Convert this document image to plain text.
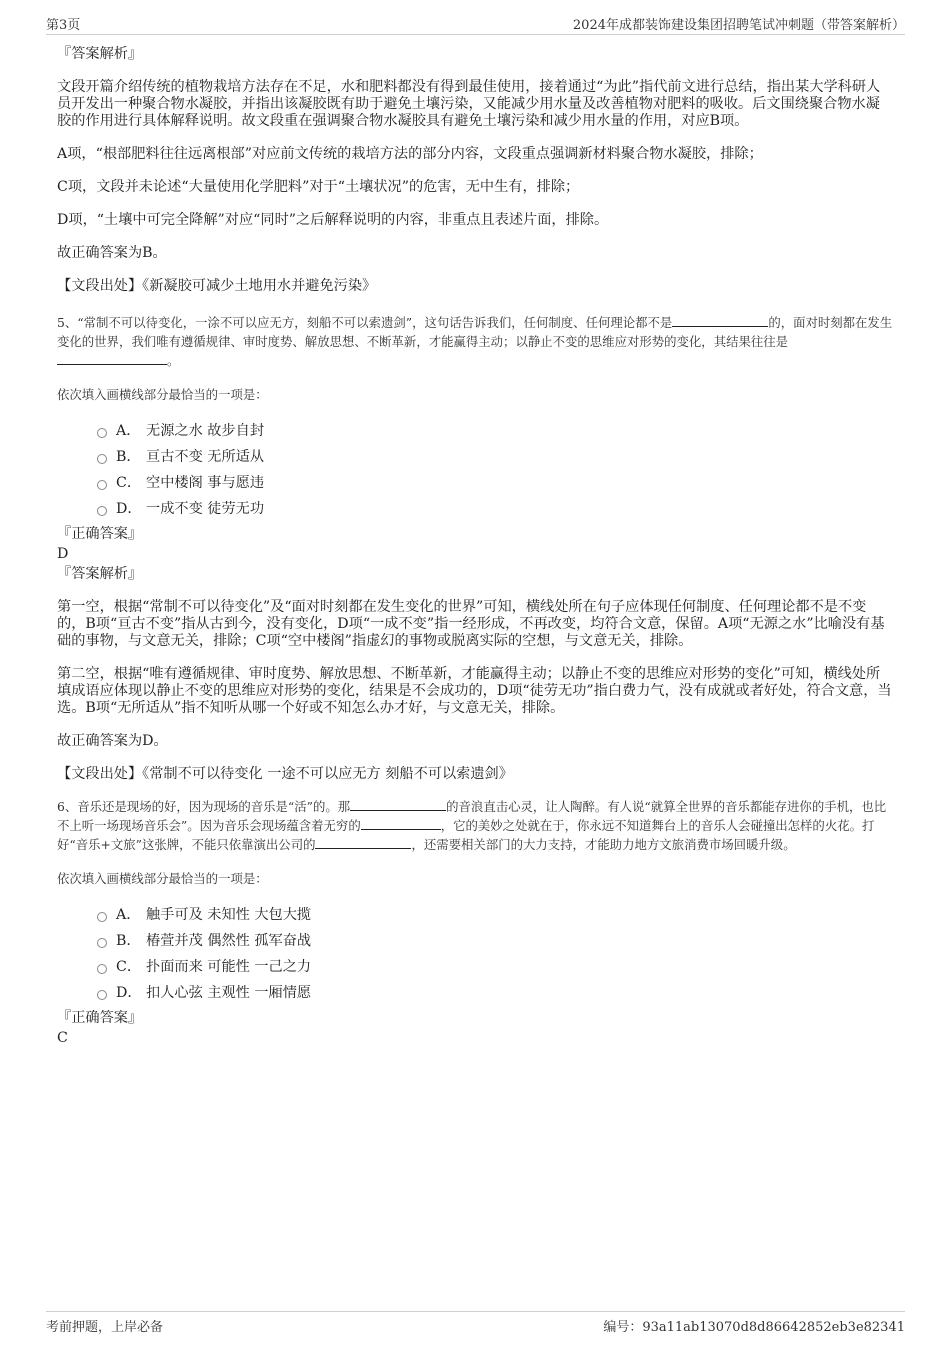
第3页	2024年成都装饰建设集团招聘笔试冲刺题（带答案解析）

『答案解析』

文段开篇介绍传统的植物栽培方法存在不足，水和肥料都没有得到最佳使用，接着通过“为此”指代前文进行总结，指出某大学科研人员开发出一种聚合物水凝胶，并指出该凝胶既有助于避免土壤污染，又能减少用水量及改善植物对肥料的吸收。后文围绕聚合物水凝胶的作用进行具体解释说明。故文段重在强调聚合物水凝胶具有避免土壤污染和减少用水量的作用，对应B项。

A项，“根部肥料往往远离根部”对应前文传统的栽培方法的部分内容，文段重点强调新材料聚合物水凝胶，排除；

C项，文段并未论述“大量使用化学肥料”对于“土壤状况”的危害，无中生有，排除；

D项，“土壤中可完全降解”对应“同时”之后解释说明的内容，非重点且表述片面，排除。

故正确答案为B。

【文段出处】《新凝胶可减少土地用水并避免污染》

5、“常制不可以待变化，一涂不可以应无方，刻船不可以索遗剑”，这句话告诉我们，任何制度、任何理论都不是	的，面对时刻都在发生变化的世界，我们唯有遵循规律、审时度势、解放思想、不断革新，才能赢得主动；以静止不变的思维应对形势的变化，其结果往往是。

依次填入画横线部分最恰当的一项是：

A． 无源之水 故步自封
B． 亘古不变 无所适从
C． 空中楼阁 事与愿违
D． 一成不变 徒劳无功

『正确答案』

D

『答案解析』

第一空，根据“常制不可以待变化”及“面对时刻都在发生变化的世界”可知，横线处所在句子应体现任何制度、任何理论都不是不变的，B项“亘古不变”指从古到今，没有变化，D项“一成不变”指一经形成，不再改变，均符合文意，保留。A项“无源之水”比喻没有基础的事物，与文意无关，排除；C项“空中楼阁”指虚幻的事物或脱离实际的空想，与文意无关，排除。

第二空，根据“唯有遵循规律、审时度势、解放思想、不断革新，才能赢得主动；以静止不变的思维应对形势的变化”可知，横线处所填成语应体现以静止不变的思维应对形势的变化，结果是不会成功的，D项“徒劳无功”指白费力气，没有成就或者好处，符合文意，当选。B项“无所适从”指不知听从哪一个好或不知怎么办才好，与文意无关，排除。

故正确答案为D。

【文段出处】《常制不可以待变化 一途不可以应无方 刻船不可以索遗剑》

6、音乐还是现场的好，因为现场的音乐是“活”的。那	的音浪直击心灵，让人陶醉。有人说“就算全世界的音乐都能存进你的手机，也比不上听一场现场音乐会”。因为音乐会现场蕴含着无穷的	，它的美妙之处就在于，你永远不知道舞台上的音乐人会碰撞出怎样的火花。打好“音乐+文旅”这张牌，不能只依靠演出公司的	，还需要相关部门的大力支持，才能助力地方文旅消费市场回暖升级。

依次填入画横线部分最恰当的一项是：

A． 触手可及 未知性 大包大揽
B． 椿萱并茂 偶然性 孤军奋战
C． 扑面而来 可能性 一己之力
D． 扣人心弦 主观性 一厢情愿

『正确答案』

C

考前押题，上岸必备	编号：93a11ab13070d8d86642852eb3e82341
